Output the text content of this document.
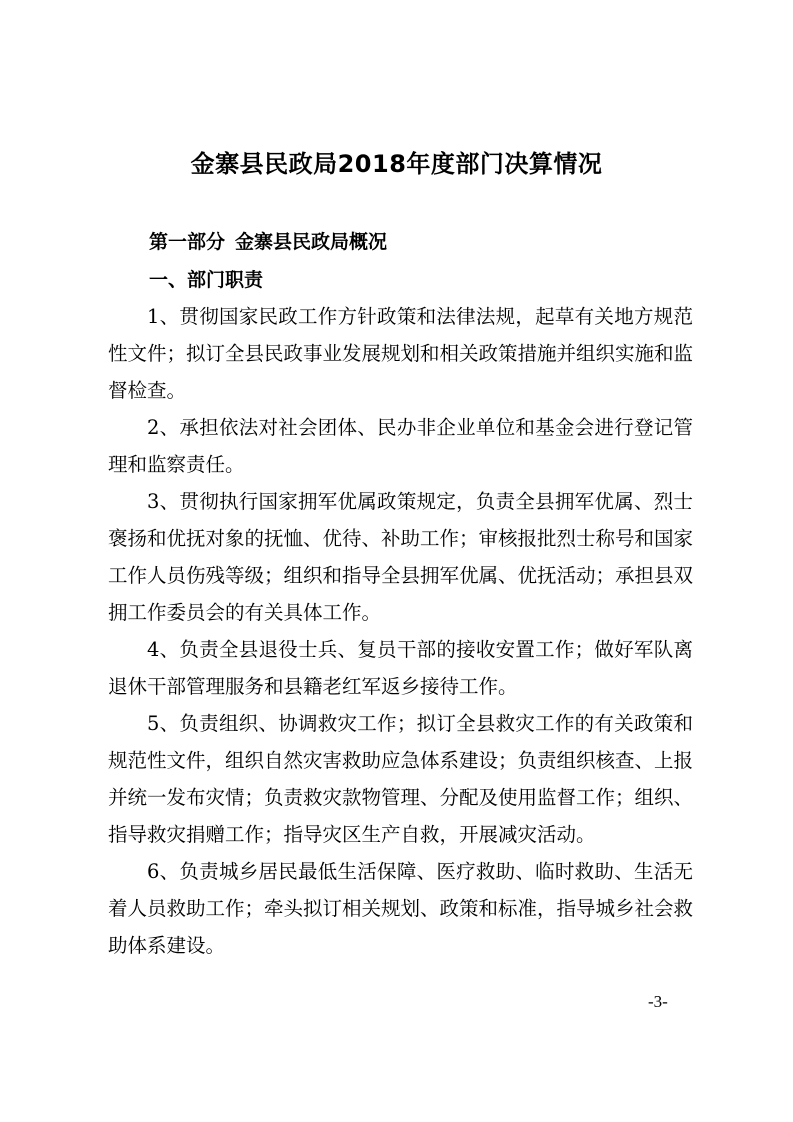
金寨县民政局2018年度部门决算情况
第一部分 金寨县民政局概况
一、部门职责

1、贯彻国家民政工作方针政策和法律法规，起草有关地方规范性文件；拟订全县民政事业发展规划和相关政策措施并组织实施和监督检查。

2、承担依法对社会团体、民办非企业单位和基金会进行登记管理和监察责任。

3、贯彻执行国家拥军优属政策规定，负责全县拥军优属、烈士褒扬和优抚对象的抚恤、优待、补助工作；审核报批烈士称号和国家工作人员伤残等级；组织和指导全县拥军优属、优抚活动；承担县双拥工作委员会的有关具体工作。

4、负责全县退役士兵、复员干部的接收安置工作；做好军队离退休干部管理服务和县籍老红军返乡接待工作。

5、负责组织、协调救灾工作；拟订全县救灾工作的有关政策和规范性文件，组织自然灾害救助应急体系建设；负责组织核查、上报并统一发布灾情；负责救灾款物管理、分配及使用监督工作；组织、指导救灾捐赠工作；指导灾区生产自救，开展减灾活动。

6、负责城乡居民最低生活保障、医疗救助、临时救助、生活无着人员救助工作；牵头拟订相关规划、政策和标准，指导城乡社会救助体系建设。

-3-
